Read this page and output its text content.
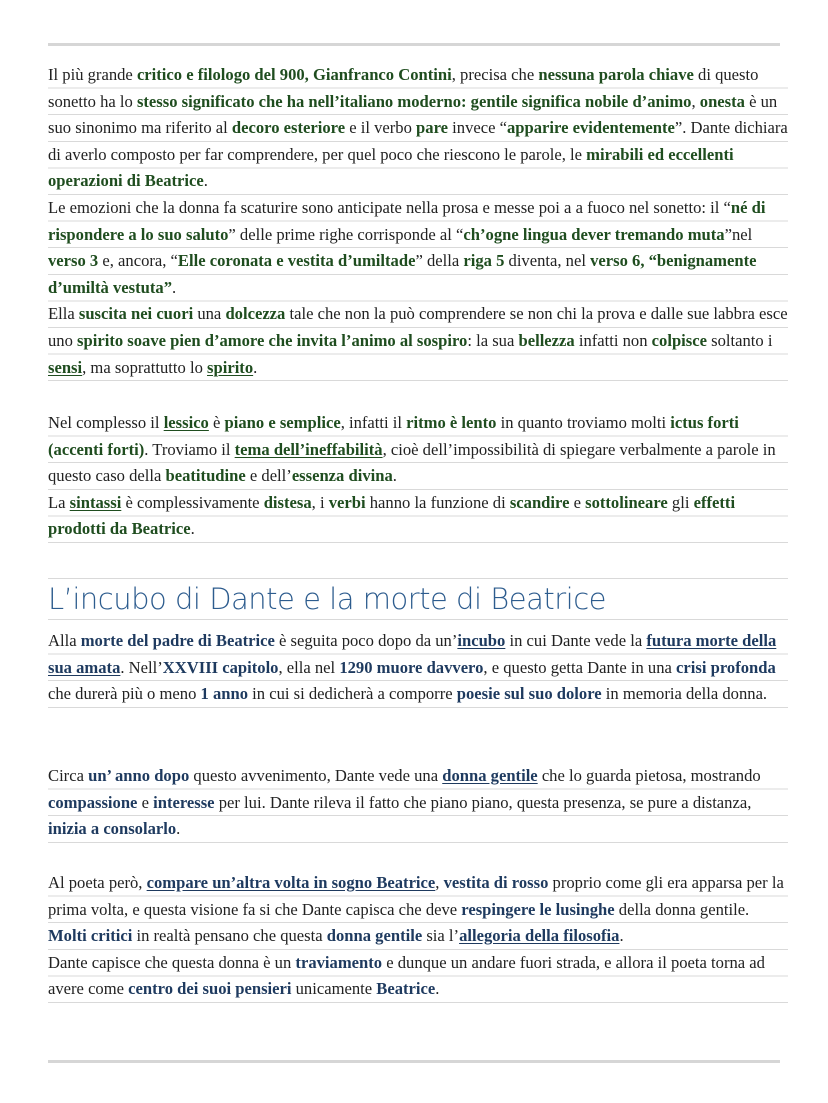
Il più grande critico e filologo del 900, Gianfranco Contini, precisa che nessuna parola chiave di questo sonetto ha lo stesso significato che ha nell’italiano moderno: gentile significa nobile d’animo, onesta è un suo sinonimo ma riferito al decoro esteriore e il verbo pare invece “apparire evidentemente”. Dante dichiara di averlo composto per far comprendere, per quel poco che riescono le parole, le mirabili ed eccellenti operazioni di Beatrice.
Le emozioni che la donna fa scaturire sono anticipate nella prosa e messe poi a a fuoco nel sonetto: il “né di rispondere a lo suo saluto” delle prime righe corrisponde al “ch’ogne lingua dever tremando muta”nel verso 3 e, ancora, “Elle coronata e vestita d’umiltade” della riga 5 diventa, nel verso 6, “benignamente d’umiltà vestuta”.
Ella suscita nei cuori una dolcezza tale che non la può comprendere se non chi la prova e dalle sue labbra esce uno spirito soave pien d’amore che invita l’animo al sospiro: la sua bellezza infatti non colpisce soltanto i sensi, ma soprattutto lo spirito.
Nel complesso il lessico è piano e semplice, infatti il ritmo è lento in quanto troviamo molti ictus forti (accenti forti). Troviamo il tema dell’ineffabilità, cioè dell’impossibilità di spiegare verbalmente a parole in questo caso della beatitudine e dell’essenza divina.
La sintassi è complessivamente distesa, i verbi hanno la funzione di scandire e sottolineare gli effetti prodotti da Beatrice.
L’incubo di Dante e la morte di Beatrice
Alla morte del padre di Beatrice è seguita poco dopo da un’incubo in cui Dante vede la futura morte della sua amata. Nell’XXVIII capitolo, ella nel 1290 muore davvero, e questo getta Dante in una crisi profonda che durerà più o meno 1 anno in cui si dedicherà a comporre poesie sul suo dolore in memoria della donna.
Circa un’ anno dopo questo avvenimento, Dante vede una donna gentile che lo guarda pietosa, mostrando compassione e interesse per lui. Dante rileva il fatto che piano piano, questa presenza, se pure a distanza, inizia a consolarlo.
Al poeta però, compare un’altra volta in sogno Beatrice, vestita di rosso proprio come gli era apparsa per la prima volta, e questa visione fa si che Dante capisca che deve respingere le lusinghe della donna gentile.
Molti critici in realtà pensano che questa donna gentile sia l’allegoria della filosofia.
Dante capisce che questa donna è un traviamento e dunque un andare fuori strada, e allora il poeta torna ad avere come centro dei suoi pensieri unicamente Beatrice.
